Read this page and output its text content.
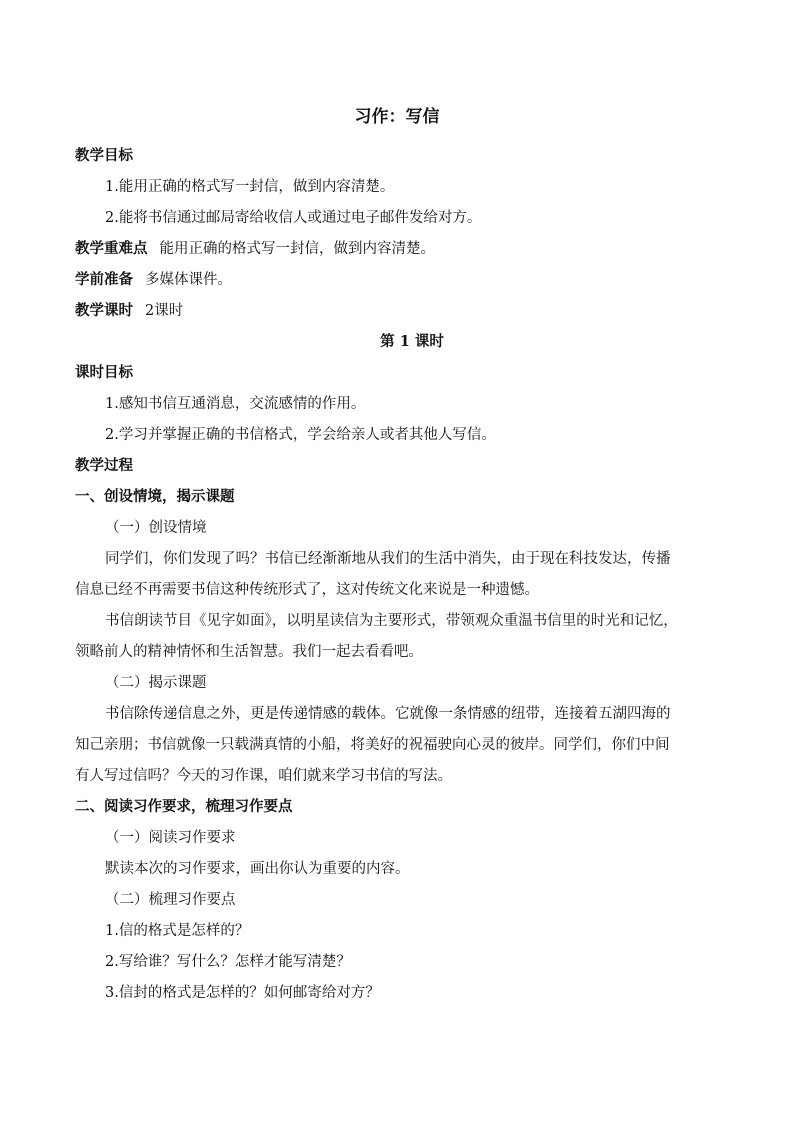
习作：写信
教学目标
1.能用正确的格式写一封信，做到内容清楚。
2.能将书信通过邮局寄给收信人或通过电子邮件发给对方。
教学重难点 能用正确的格式写一封信，做到内容清楚。
学前准备 多媒体课件。
教学课时 2课时
第 1 课时
课时目标
1.感知书信互通消息，交流感情的作用。
2.学习并掌握正确的书信格式，学会给亲人或者其他人写信。
教学过程
一、创设情境，揭示课题
（一）创设情境
同学们，你们发现了吗？书信已经渐渐地从我们的生活中消失，由于现在科技发达，传播
信息已经不再需要书信这种传统形式了，这对传统文化来说是一种遗憾。
书信朗读节目《见字如面》，以明星读信为主要形式，带领观众重温书信里的时光和记忆，
领略前人的精神情怀和生活智慧。我们一起去看看吧。
（二）揭示课题
书信除传递信息之外，更是传递情感的载体。它就像一条情感的纽带，连接着五湖四海的
知己亲朋；书信就像一只载满真情的小船，将美好的祝福驶向心灵的彼岸。同学们，你们中间
有人写过信吗？今天的习作课，咱们就来学习书信的写法。
二、阅读习作要求，梳理习作要点
（一）阅读习作要求
默读本次的习作要求，画出你认为重要的内容。
（二）梳理习作要点
1.信的格式是怎样的？
2.写给谁？写什么？怎样才能写清楚？
3.信封的格式是怎样的？如何邮寄给对方？
